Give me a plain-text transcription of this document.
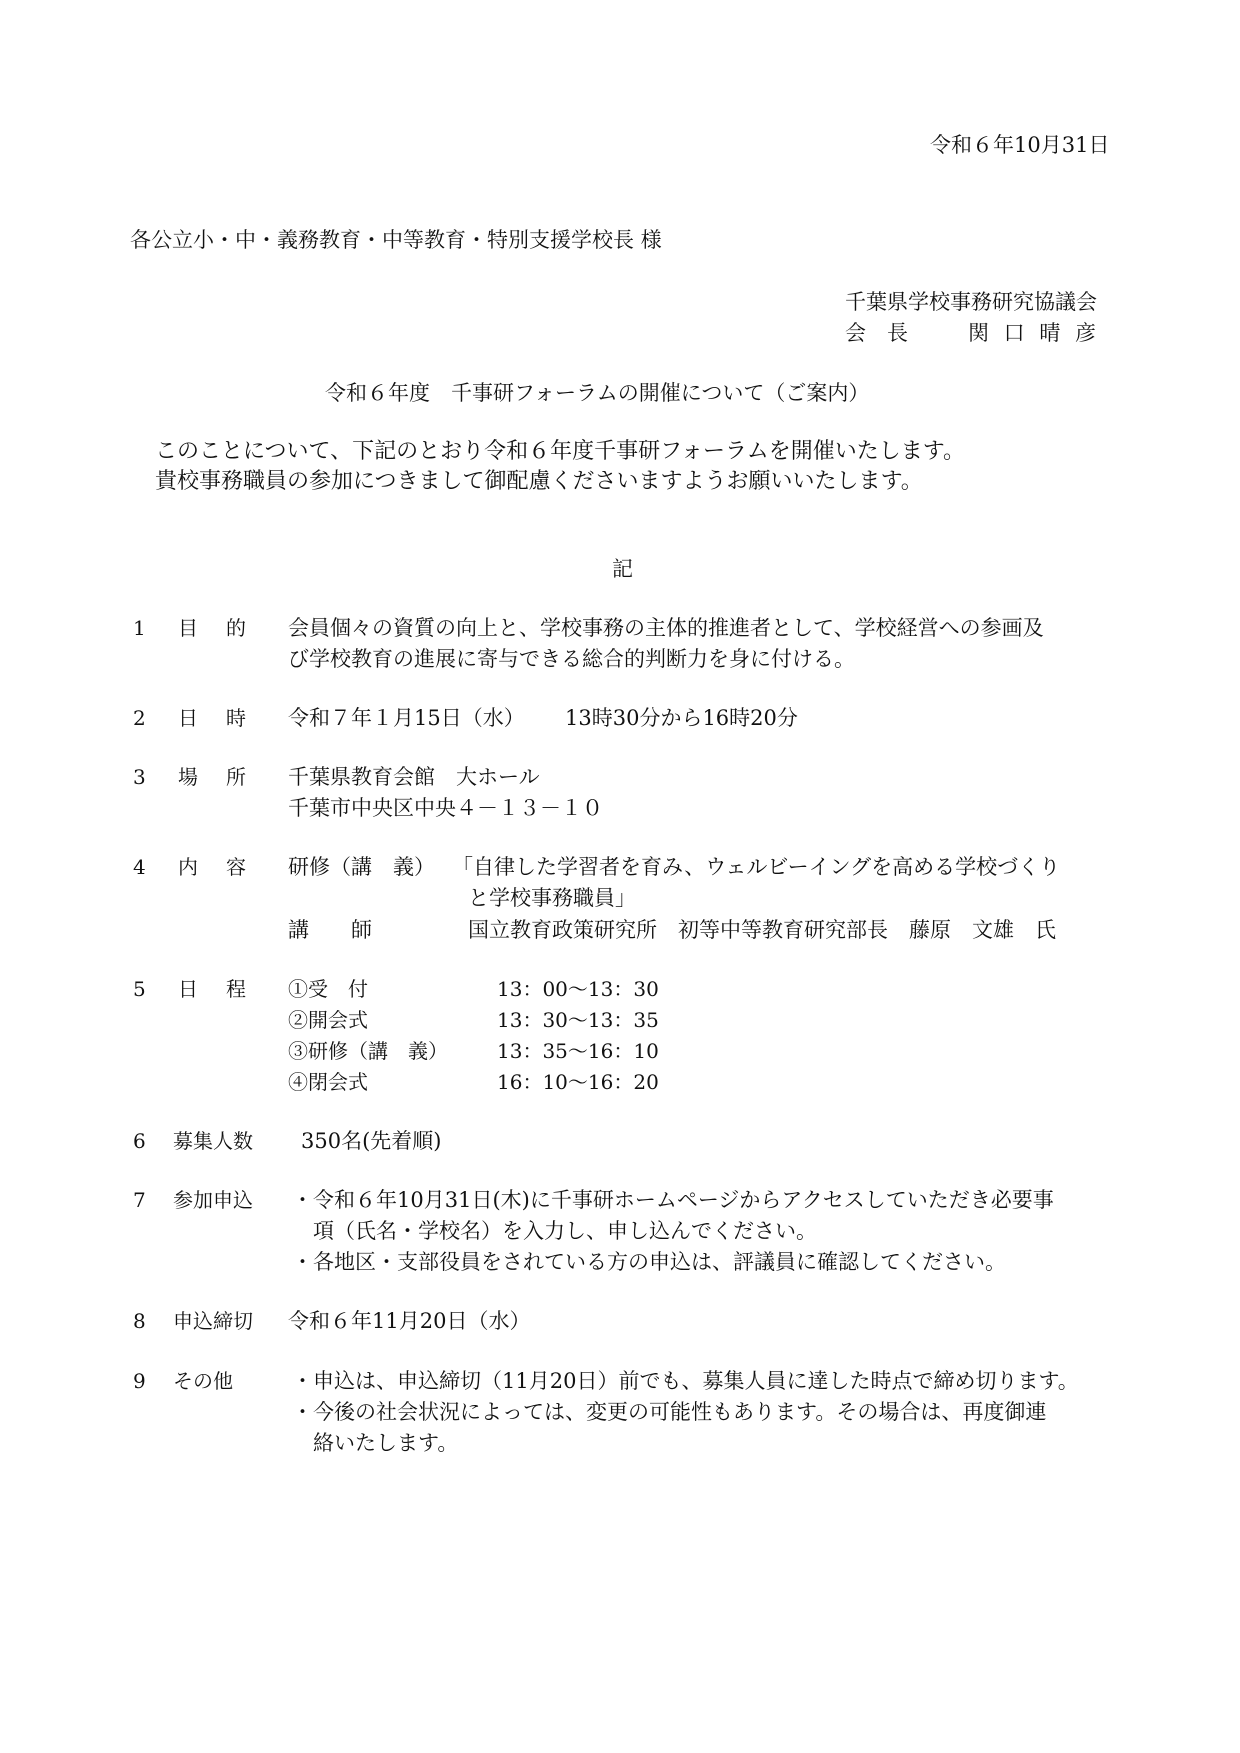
令和６年10月31日
各公立小・中・義務教育・中等教育・特別支援学校長 様
千葉県学校事務研究協議会
会　長	関 口 晴 彦
令和６年度　千事研フォーラムの開催について（ご案内）
このことについて、下記のとおり令和６年度千事研フォーラムを開催いたします。
貴校事務職員の参加につきまして御配慮くださいますようお願いいたします。
記
1 目 的 会員個々の資質の向上と、学校事務の主体的推進者として、学校経営への参画及
び学校教育の進展に寄与できる総合的判断力を身に付ける。
2 日 時 令和７年１月15日（水） 13時30分から16時20分
3 場 所 千葉県教育会館　大ホール
千葉市中央区中央４－１３－１０
4 内 容 研修（講　義） 「自律した学習者を育み、ウェルビーイングを高める学校づくり
と学校事務職員」
講　　師	国立教育政策研究所　初等中等教育研究部長　藤原　文雄　氏
5 日 程 ①受　付	13：00～13：30
②開会式	13：30～13：35
③研修（講　義） 13：35～16：10
④閉会式	16：10～16：20
6 募集人数 350名(先着順)
7 参加申込 ・令和６年10月31日(木)に千事研ホームページからアクセスしていただき必要事
　項（氏名・学校名）を入力し、申し込んでください。
・各地区・支部役員をされている方の申込は、評議員に確認してください。
8 申込締切 令和６年11月20日（水）
9 その他	・申込は、申込締切（11月20日）前でも、募集人員に達した時点で締め切ります。
・今後の社会状況によっては、変更の可能性もあります。その場合は、再度御連
　絡いたします。
